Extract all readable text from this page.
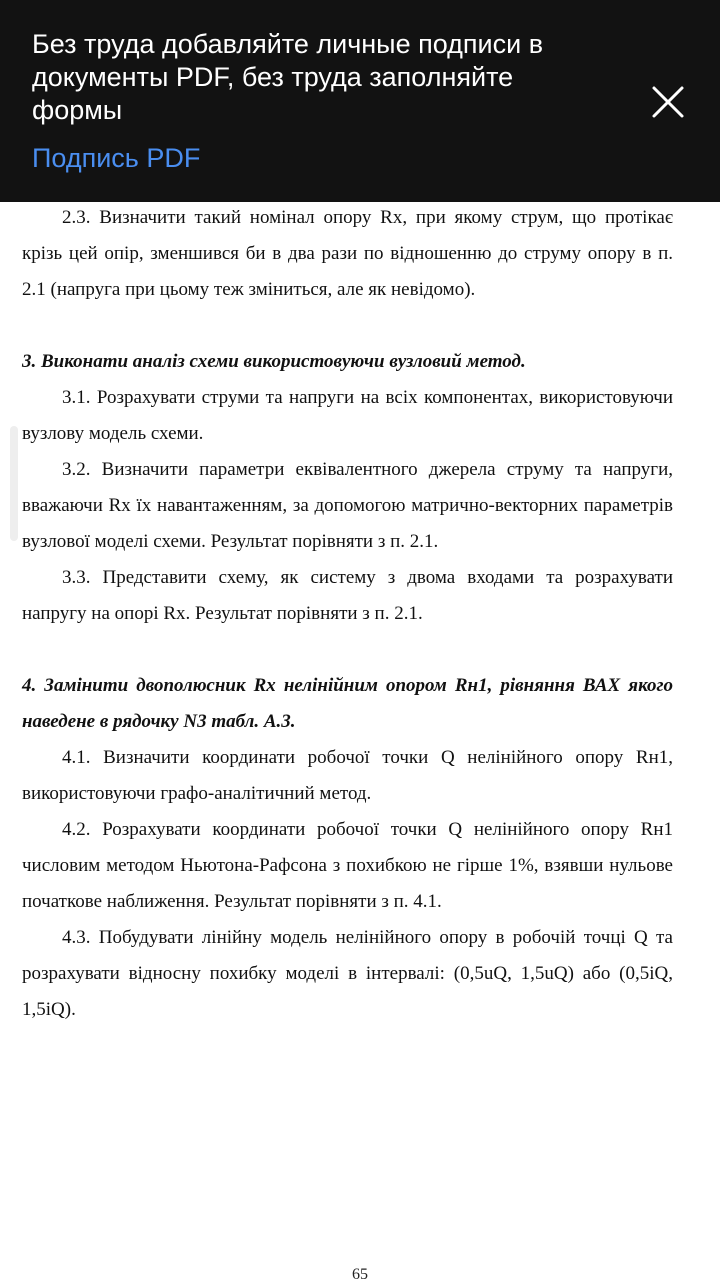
2.3. Визначити такий номінал опору Rx, при якому струм, що протікає крізь цей опір, зменшився би в два рази по відношенню до струму опору в п. 2.1 (напруга при цьому теж зміниться, але як невідомо).

3. Виконати аналіз схеми використовуючи вузловий метод.

3.1. Розрахувати струми та напруги на всіх компонентах, використовуючи вузлову модель схеми.

3.2. Визначити параметри еквівалентного джерела струму та напруги, вважаючи Rx їх навантаженням, за допомогою матрично-векторних параметрів вузлової моделі схеми. Результат порівняти з п. 2.1.

3.3. Представити схему, як систему з двома входами та розрахувати напругу на опорі Rx. Результат порівняти з п. 2.1.

4. Замінити двополюсник Rx нелінійним опором Rн1, рівняння ВАХ якого наведене в рядочку N3 табл. А.3.

4.1. Визначити координати робочої точки Q нелінійного опору Rн1, використовуючи графо-аналітичний метод.

4.2. Розрахувати координати робочої точки Q нелінійного опору Rн1 числовим методом Ньютона-Рафсона з похибкою не гірше 1%, взявши нульове початкове наближення. Результат порівняти з п. 4.1.

4.3. Побудувати лінійну модель нелінійного опору в робочій точці Q та розрахувати відносну похибку моделі в інтервалі: (0,5uQ, 1,5uQ) або (0,5iQ, 1,5iQ).

65

Без труда добавляйте личные подписи в документы PDF, без труда заполняйте формы

Подпись PDF
